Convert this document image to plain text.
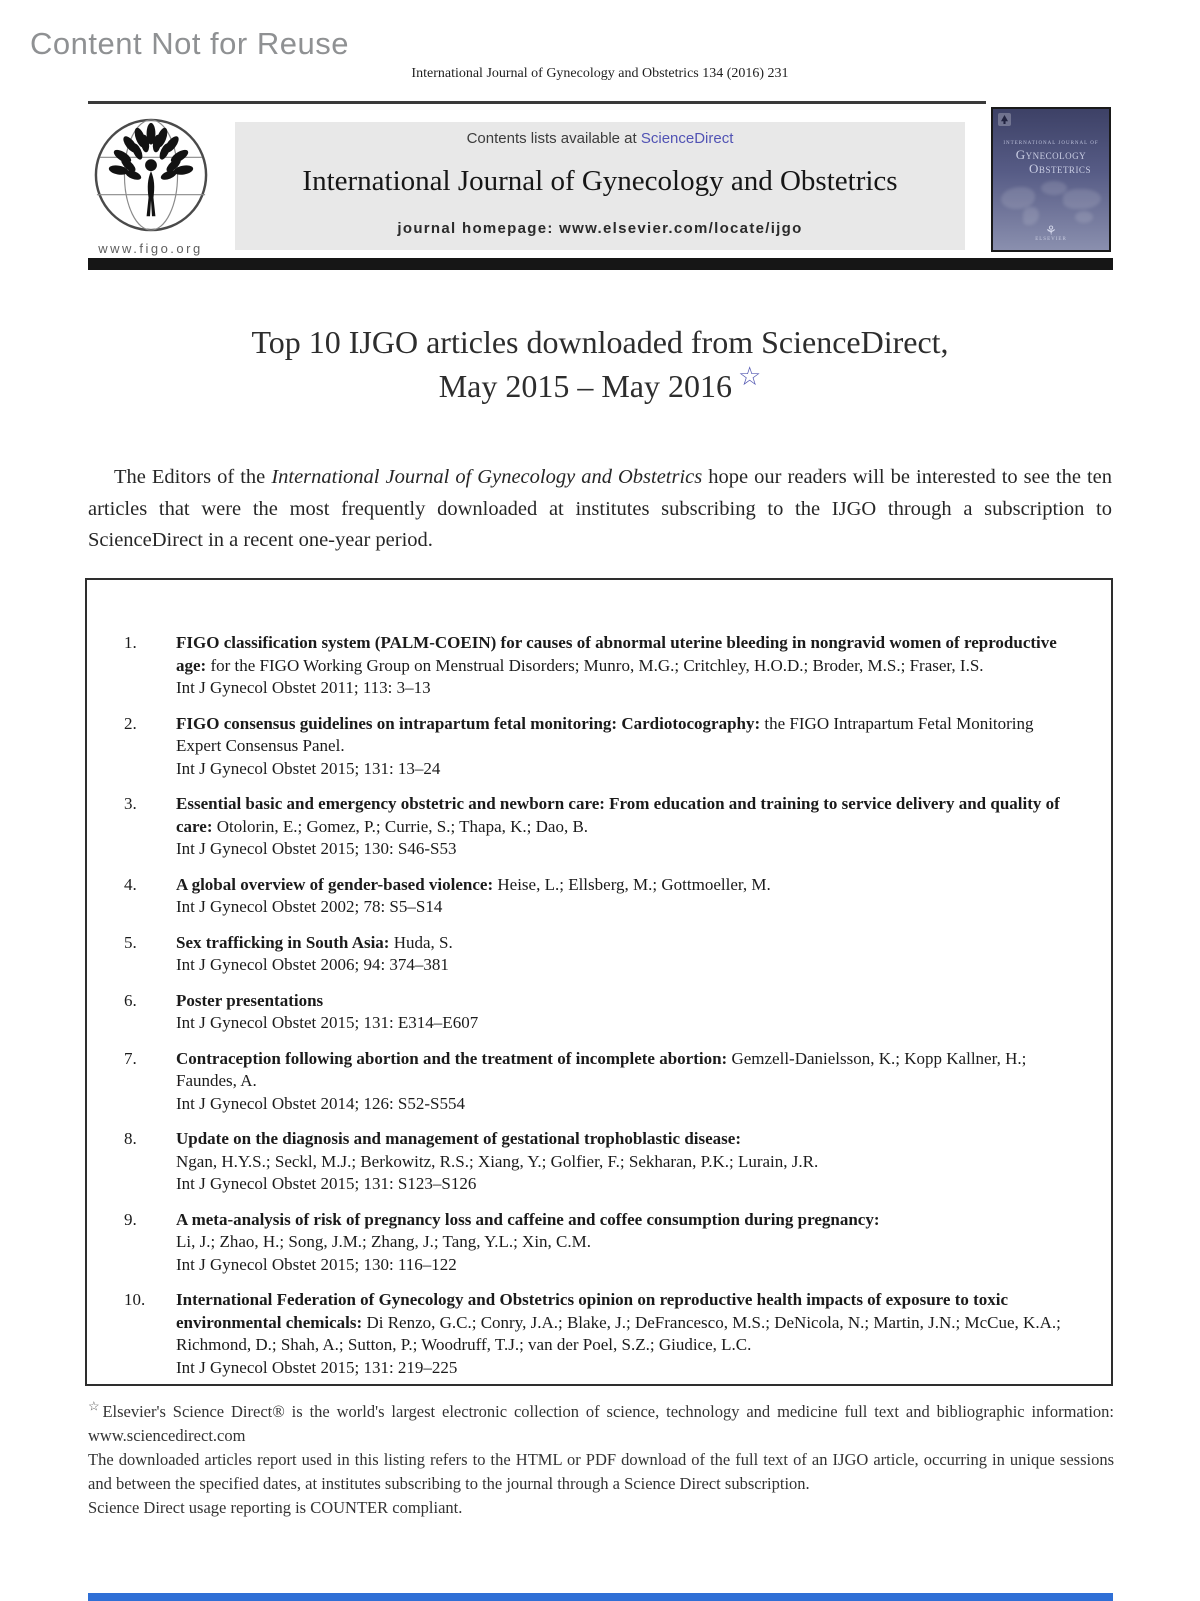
Content Not for Reuse
International Journal of Gynecology and Obstetrics 134 (2016) 231
www.figo.org
Contents lists available at ScienceDirect
International Journal of Gynecology and Obstetrics
journal homepage: www.elsevier.com/locate/ijgo
INTERNATIONAL JOURNAL OF
Gynecology
Obstetrics
⚘
ELSEVIER
Top 10 IJGO articles downloaded from ScienceDirect,
May 2015 – May 2016 ☆
The Editors of the International Journal of Gynecology and Obstetrics hope our readers will be interested to see the ten articles that were the most frequently downloaded at institutes subscribing to the IJGO through a subscription to ScienceDirect in a recent one-year period.
1.	FIGO classification system (PALM-COEIN) for causes of abnormal uterine bleeding in nongravid women of reproductive age: for the FIGO Working Group on Menstrual Disorders; Munro, M.G.; Critchley, H.O.D.; Broder, M.S.; Fraser, I.S.
Int J Gynecol Obstet 2011; 113: 3–13
2.	FIGO consensus guidelines on intrapartum fetal monitoring: Cardiotocography: the FIGO Intrapartum Fetal Monitoring Expert Consensus Panel.
Int J Gynecol Obstet 2015; 131: 13–24
3.	Essential basic and emergency obstetric and newborn care: From education and training to service delivery and quality of care: Otolorin, E.; Gomez, P.; Currie, S.; Thapa, K.; Dao, B.
Int J Gynecol Obstet 2015; 130: S46-S53
4.	A global overview of gender-based violence: Heise, L.; Ellsberg, M.; Gottmoeller, M.
Int J Gynecol Obstet 2002; 78: S5–S14
5.	Sex trafficking in South Asia: Huda, S.
Int J Gynecol Obstet 2006; 94: 374–381
6.	Poster presentations
Int J Gynecol Obstet 2015; 131: E314–E607
7.	Contraception following abortion and the treatment of incomplete abortion: Gemzell-Danielsson, K.; Kopp Kallner, H.; Faundes, A.
Int J Gynecol Obstet 2014; 126: S52-S554
8.	Update on the diagnosis and management of gestational trophoblastic disease:
Ngan, H.Y.S.; Seckl, M.J.; Berkowitz, R.S.; Xiang, Y.; Golfier, F.; Sekharan, P.K.; Lurain, J.R.
Int J Gynecol Obstet 2015; 131: S123–S126
9.	A meta-analysis of risk of pregnancy loss and caffeine and coffee consumption during pregnancy:
Li, J.; Zhao, H.; Song, J.M.; Zhang, J.; Tang, Y.L.; Xin, C.M.
Int J Gynecol Obstet 2015; 130: 116–122
10.	International Federation of Gynecology and Obstetrics opinion on reproductive health impacts of exposure to toxic environmental chemicals: Di Renzo, G.C.; Conry, J.A.; Blake, J.; DeFrancesco, M.S.; DeNicola, N.; Martin, J.N.; McCue, K.A.; Richmond, D.; Shah, A.; Sutton, P.; Woodruff, T.J.; van der Poel, S.Z.; Giudice, L.C.
Int J Gynecol Obstet 2015; 131: 219–225
☆Elsevier's Science Direct® is the world's largest electronic collection of science, technology and medicine full text and bibliographic information: www.sciencedirect.com
The downloaded articles report used in this listing refers to the HTML or PDF download of the full text of an IJGO article, occurring in unique sessions and between the specified dates, at institutes subscribing to the journal through a Science Direct subscription.
Science Direct usage reporting is COUNTER compliant.
